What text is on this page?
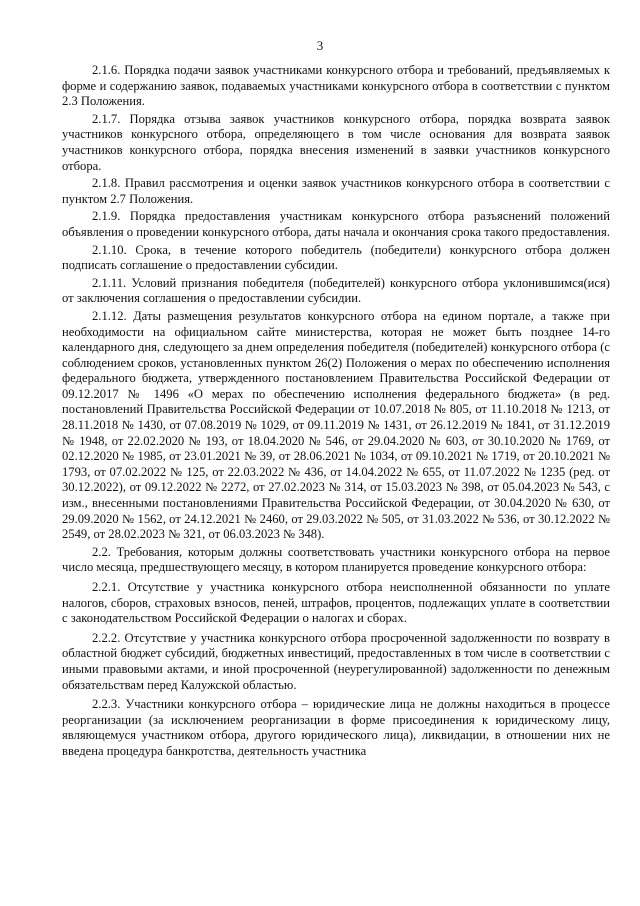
3

2.1.6. Порядка подачи заявок участниками конкурсного отбора и требований, предъявляемых к форме и содержанию заявок, подаваемых участниками конкурсного отбора в соответствии с пунктом 2.3 Положения.

2.1.7. Порядка отзыва заявок участников конкурсного отбора, порядка возврата заявок участников конкурсного отбора, определяющего в том числе основания для возврата заявок участников конкурсного отбора, порядка внесения изменений в заявки участников конкурсного отбора.

2.1.8. Правил рассмотрения и оценки заявок участников конкурсного отбора в соответствии с пунктом 2.7 Положения.

2.1.9. Порядка предоставления участникам конкурсного отбора разъяснений положений объявления о проведении конкурсного отбора, даты начала и окончания срока такого предоставления.

2.1.10. Срока, в течение которого победитель (победители) конкурсного отбора должен подписать соглашение о предоставлении субсидии.

2.1.11. Условий признания победителя (победителей) конкурсного отбора уклонившимся(ися) от заключения соглашения о предоставлении субсидии.

2.1.12. Даты размещения результатов конкурсного отбора на едином портале, а также при необходимости на официальном сайте министерства, которая не может быть позднее 14-го календарного дня, следующего за днем определения победителя (победителей) конкурсного отбора (с соблюдением сроков, установленных пунктом 26(2) Положения о мерах по обеспечению исполнения федерального бюджета, утвержденного постановлением Правительства Российской Федерации от 09.12.2017 № 1496 «О мерах по обеспечению исполнения федерального бюджета» (в ред. постановлений Правительства Российской Федерации от 10.07.2018 № 805, от 11.10.2018 № 1213, от 28.11.2018 № 1430, от 07.08.2019 № 1029, от 09.11.2019 № 1431, от 26.12.2019 № 1841, от 31.12.2019 № 1948, от 22.02.2020 № 193, от 18.04.2020 № 546, от 29.04.2020 № 603, от 30.10.2020 № 1769, от 02.12.2020 № 1985, от 23.01.2021 № 39, от 28.06.2021 № 1034, от 09.10.2021 № 1719, от 20.10.2021 № 1793, от 07.02.2022 № 125, от 22.03.2022 № 436, от 14.04.2022 № 655, от 11.07.2022 № 1235 (ред. от 30.12.2022), от 09.12.2022 № 2272, от 27.02.2023 № 314, от 15.03.2023 № 398, от 05.04.2023 № 543, с изм., внесенными постановлениями Правительства Российской Федерации, от 30.04.2020 № 630, от 29.09.2020 № 1562, от 24.12.2021 № 2460, от 29.03.2022 № 505, от 31.03.2022 № 536, от 30.12.2022 № 2549, от 28.02.2023 № 321, от 06.03.2023 № 348).

2.2. Требования, которым должны соответствовать участники конкурсного отбора на первое число месяца, предшествующего месяцу, в котором планируется проведение конкурсного отбора:

2.2.1. Отсутствие у участника конкурсного отбора неисполненной обязанности по уплате налогов, сборов, страховых взносов, пеней, штрафов, процентов, подлежащих уплате в соответствии с законодательством Российской Федерации о налогах и сборах.

2.2.2. Отсутствие у участника конкурсного отбора просроченной задолженности по возврату в областной бюджет субсидий, бюджетных инвестиций, предоставленных в том числе в соответствии с иными правовыми актами, и иной просроченной (неурегулированной) задолженности по денежным обязательствам перед Калужской областью.

2.2.3. Участники конкурсного отбора – юридические лица не должны находиться в процессе реорганизации (за исключением реорганизации в форме присоединения к юридическому лицу, являющемуся участником отбора, другого юридического лица), ликвидации, в отношении них не введена процедура банкротства, деятельность участника
